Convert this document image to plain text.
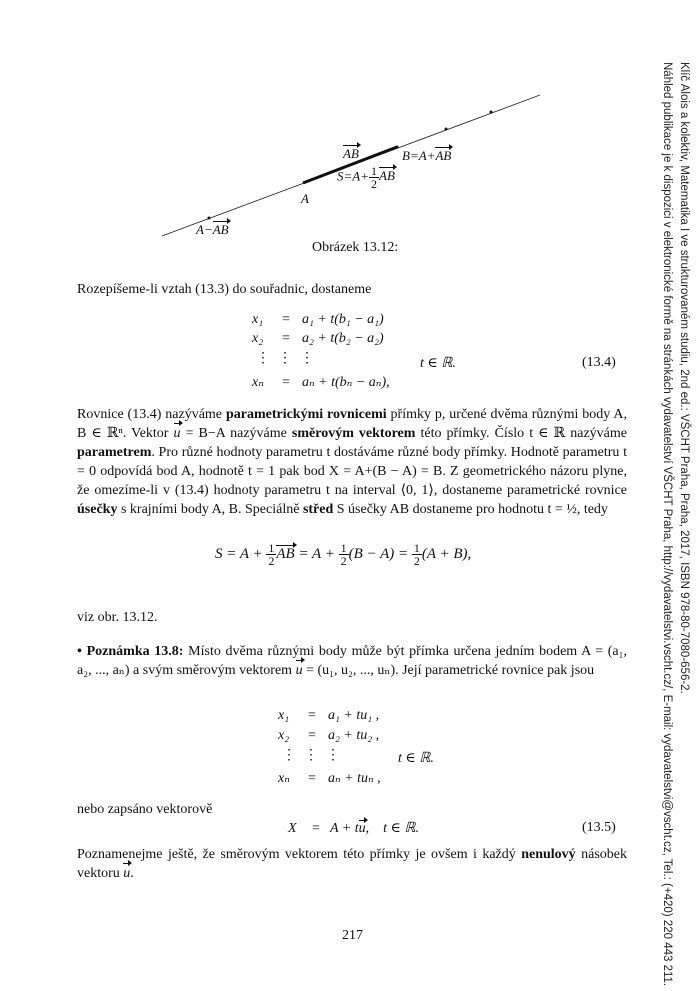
AB	B=A+AB
$S=A+ \frac{1}{2}$ AB
A
A−AB
Obrázek 13.12:
Rozepíšeme-li vztah (13.3) do souřadnic, dostaneme
x₁ = a₁ + t(b₁ − a₁)
x₂ = a₂ + t(b₂ − a₂)
⋮ ⋮ ⋮
xₙ = aₙ + t(bₙ − aₙ),
t ∈ ℝ.	(13.4)
Rovnice (13.4) nazýváme parametrickými rovnicemi přímky p, určené dvěma různými body A, B ∈ ℝⁿ. Vektor u = B−A nazýváme směrovým vektorem této přímky. Číslo t ∈ ℝ nazýváme parametrem. Pro různé hodnoty parametru t dostáváme různé body přímky. Hodnotě parametru t = 0 odpovídá bod A, hodnotě t = 1 pak bod X = A+(B − A) = B. Z geometrického názoru plyne, že omezíme-li v (13.4) hodnoty parametru t na interval ⟨0, 1⟩, dostaneme parametrické rovnice úsečky s krajními body A, B. Speciálně střed S úsečky AB dostaneme pro hodnotu t = ½, tedy
$S = A + \frac{1}{2}$ AB = $A + \frac{1}{2} (B - A) = \frac{1}{2} (A + B)$,
viz obr. 13.12.
• Poznámka 13.8: Místo dvěma různými body může být přímka určena jedním bodem A = (a₁, a₂, ..., aₙ) a svým směrovým vektorem u = (u₁, u₂, ..., uₙ). Její parametrické rovnice pak jsou
x₁ = a₁ + tu₁ ,
x₂ = a₂ + tu₂ ,
⋮ ⋮ ⋮
xₙ = aₙ + tuₙ ,
t ∈ ℝ.
nebo zapsáno vektorově
X = A + tu, t ∈ ℝ.	(13.5)
Poznamenejme ještě, že směrovým vektorem této přímky je ovšem i každý nenulový násobek vektoru u.
217
Klíč Alois a kolektiv, Matematika I ve strukturovaném studiu, 2nd ed.: VŠCHT Praha, Praha, 2017, ISBN 978-80-7080-656-2.
Náhled publikace je k dispozici v elektronické formě na stránkách vydavatelství VŠCHT Praha, http://vydavatelstvi.vscht.cz/, E-mail: vydavatelstvi@vscht.cz, Tel.: (+420) 220 443 211.
